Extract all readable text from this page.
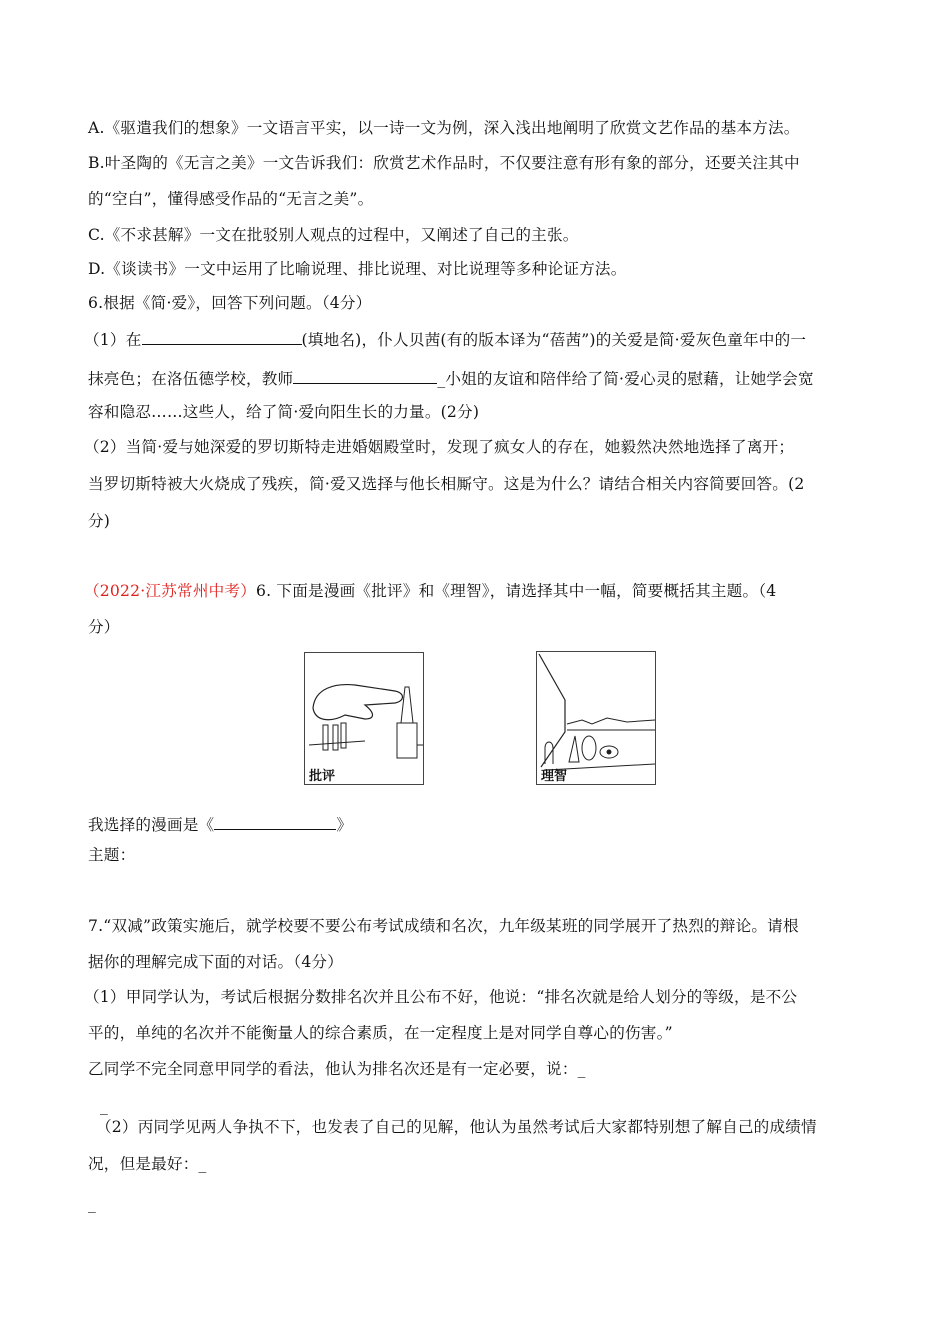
A.《驱遣我们的想象》一文语言平实，以一诗一文为例，深入浅出地阐明了欣赏文艺作品的基本方法。
B.叶圣陶的《无言之美》一文告诉我们：欣赏艺术作品时，不仅要注意有形有象的部分，还要关注其中
的“空白”，懂得感受作品的“无言之美”。
C.《不求甚解》一文在批驳别人观点的过程中，又阐述了自己的主张。
D.《谈读书》一文中运用了比喻说理、排比说理、对比说理等多种论证方法。
6.根据《简·爱》，回答下列问题。（4分）
（1）在	(填地名)，仆人贝茜(有的版本译为“蓓茜”)的关爱是简·爱灰色童年中的一
抹亮色；在洛伍德学校，教师	_小姐的友谊和陪伴给了简·爱心灵的慰藉，让她学会宽
容和隐忍……这些人，给了简·爱向阳生长的力量。(2分)
（2）当简·爱与她深爱的罗切斯特走进婚姻殿堂时，发现了疯女人的存在，她毅然决然地选择了离开；
当罗切斯特被大火烧成了残疾，简·爱又选择与他长相厮守。这是为什么？请结合相关内容简要回答。(2
分)
（2022·江苏常州中考）6. 下面是漫画《批评》和《理智》，请选择其中一幅，简要概括其主题。（4
分）
批评	理智
我选择的漫画是《	》
主题：
7.“双减”政策实施后，就学校要不要公布考试成绩和名次，九年级某班的同学展开了热烈的辩论。请根
据你的理解完成下面的对话。（4分）
（1）甲同学认为，考试后根据分数排名次并且公布不好，他说：“排名次就是给人划分的等级，是不公
平的，单纯的名次并不能衡量人的综合素质，在一定程度上是对同学自尊心的伤害。”
乙同学不完全同意甲同学的看法，他认为排名次还是有一定必要，说：_
_
（2）丙同学见两人争执不下，也发表了自己的见解，他认为虽然考试后大家都特别想了解自己的成绩情
况，但是最好：_
_
